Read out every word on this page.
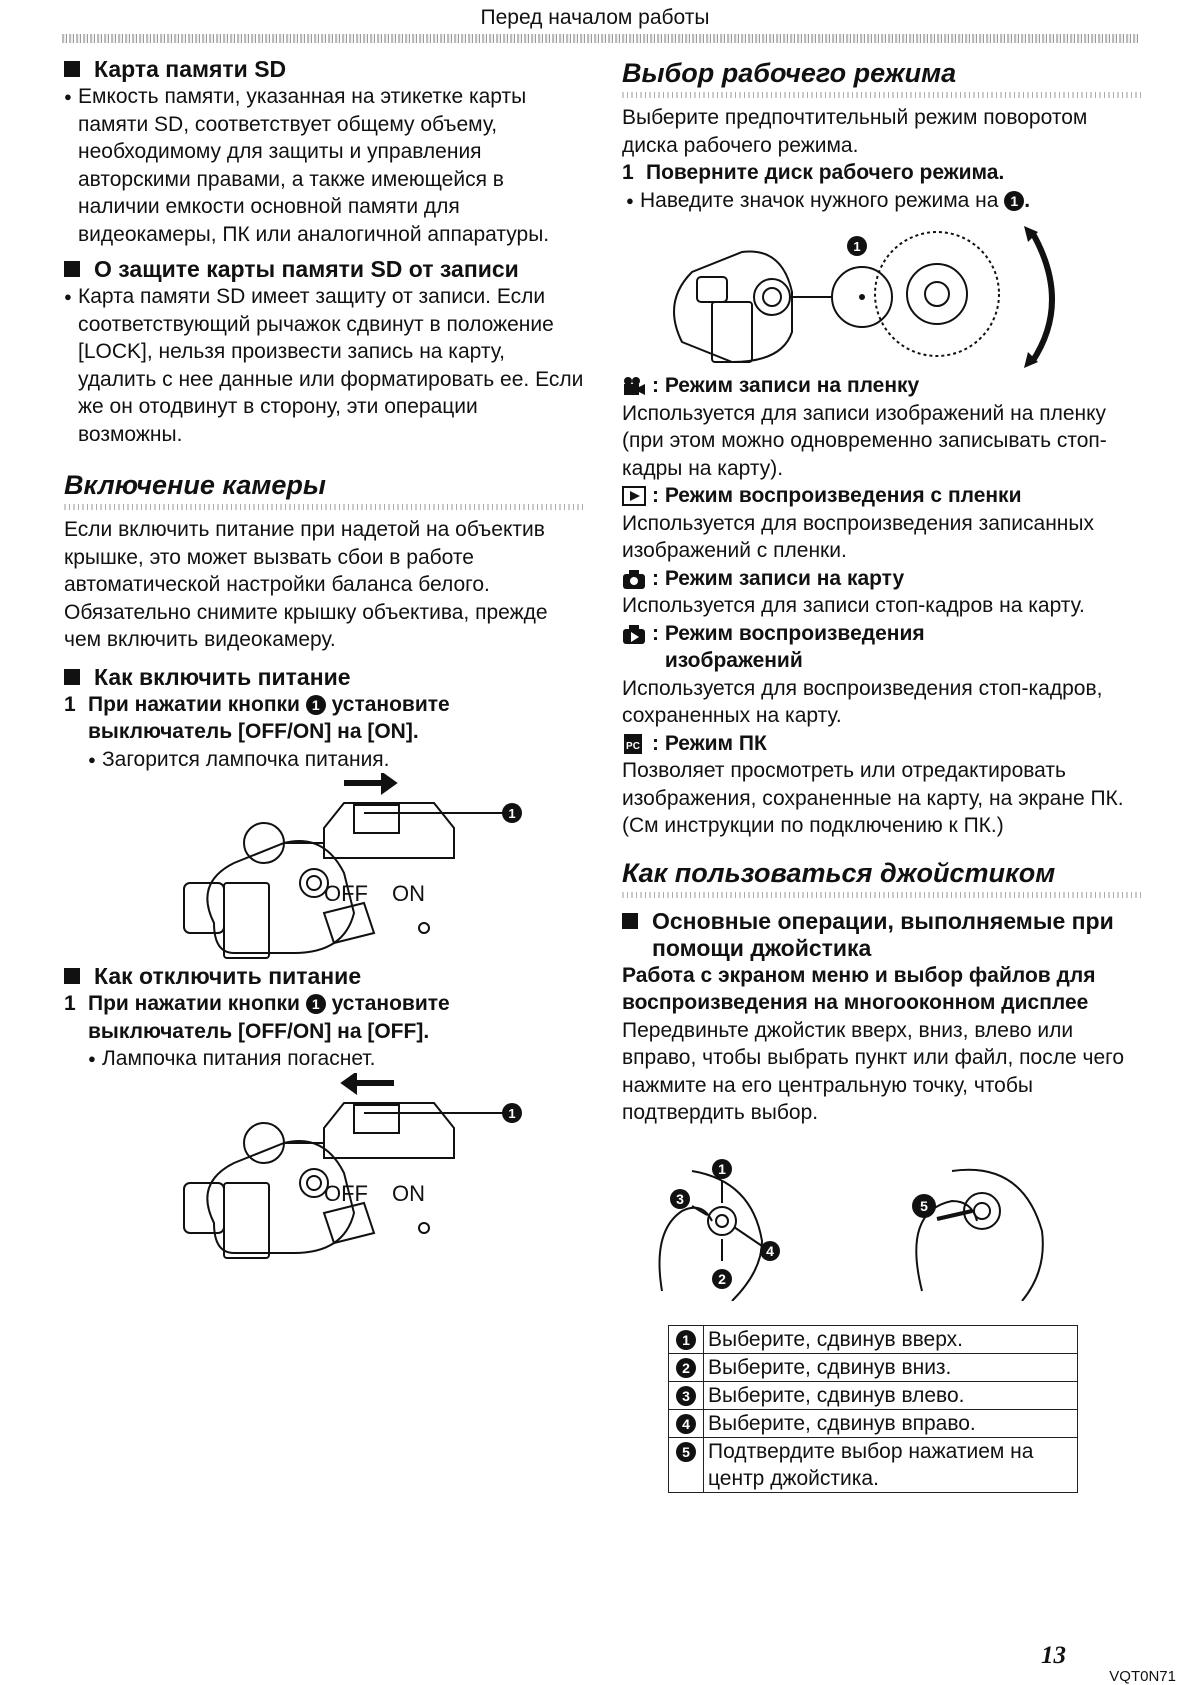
Перед началом работы
Карта памяти SD

● Емкость памяти, указанная на этикетке карты памяти SD, соответствует общему объему, необходимому для защиты и управления авторскими правами, а также имеющейся в наличии емкости основной памяти для видеокамеры, ПК или аналогичной аппаратуры.

О защите карты памяти SD от записи

● Карта памяти SD имеет защиту от записи. Если соответствующий рычажок сдвинут в положение [LOCK], нельзя произвести запись на карту, удалить с нее данные или форматировать ее. Если же он отодвинут в сторону, эти операции возможны.

Включение камеры

Если включить питание при надетой на объектив крышке, это может вызвать сбои в работе автоматической настройки баланса белого. Обязательно снимите крышку объектива, прежде чем включить видеокамеру.

Как включить питание

1 При нажатии кнопки 1 установите выключатель [OFF/ON] на [ON].

● Загорится лампочка питания.

1
OFF ON
Как отключить питание

1 При нажатии кнопки 1 установите выключатель [OFF/ON] на [OFF].

● Лампочка питания погаснет.

1
OFF ON
Выбор рабочего режима

Выберите предпочтительный режим поворотом диска рабочего режима.

1 Поверните диск рабочего режима.

● Наведите значок нужного режима на 1 .

1

: Режим записи на пленку

Используется для записи изображений на пленку (при этом можно одновременно записывать стоп-кадры на карту).

: Режим воспроизведения с пленки

Используется для воспроизведения записанных изображений с пленки.

: Режим записи на карту

Используется для записи стоп-кадров на карту.

: Режим воспроизведения изображений

Используется для воспроизведения стоп-кадров, сохраненных на карту.

PC : Режим ПК

Позволяет просмотреть или отредактировать изображения, сохраненные на карту, на экране ПК.

(См инструкции по подключению к ПК.)

Как пользоваться джойстиком
Основные операции, выполняемые при помощи джойстика

Работа с экраном меню и выбор файлов для воспроизведения на многооконном дисплее

Передвиньте джойстик вверх, вниз, влево или вправо, чтобы выбрать пункт или файл, после чего нажмите на его центральную точку, чтобы подтвердить выбор.

1
2
3
4
5
1	Выберите, сдвинув вверх.
2	Выберите, сдвинув вниз.
3	Выберите, сдвинув влево.
4	Выберите, сдвинув вправо.
5	Подтвердите выбор нажатием на центр джойстика.
13
VQT0N71
